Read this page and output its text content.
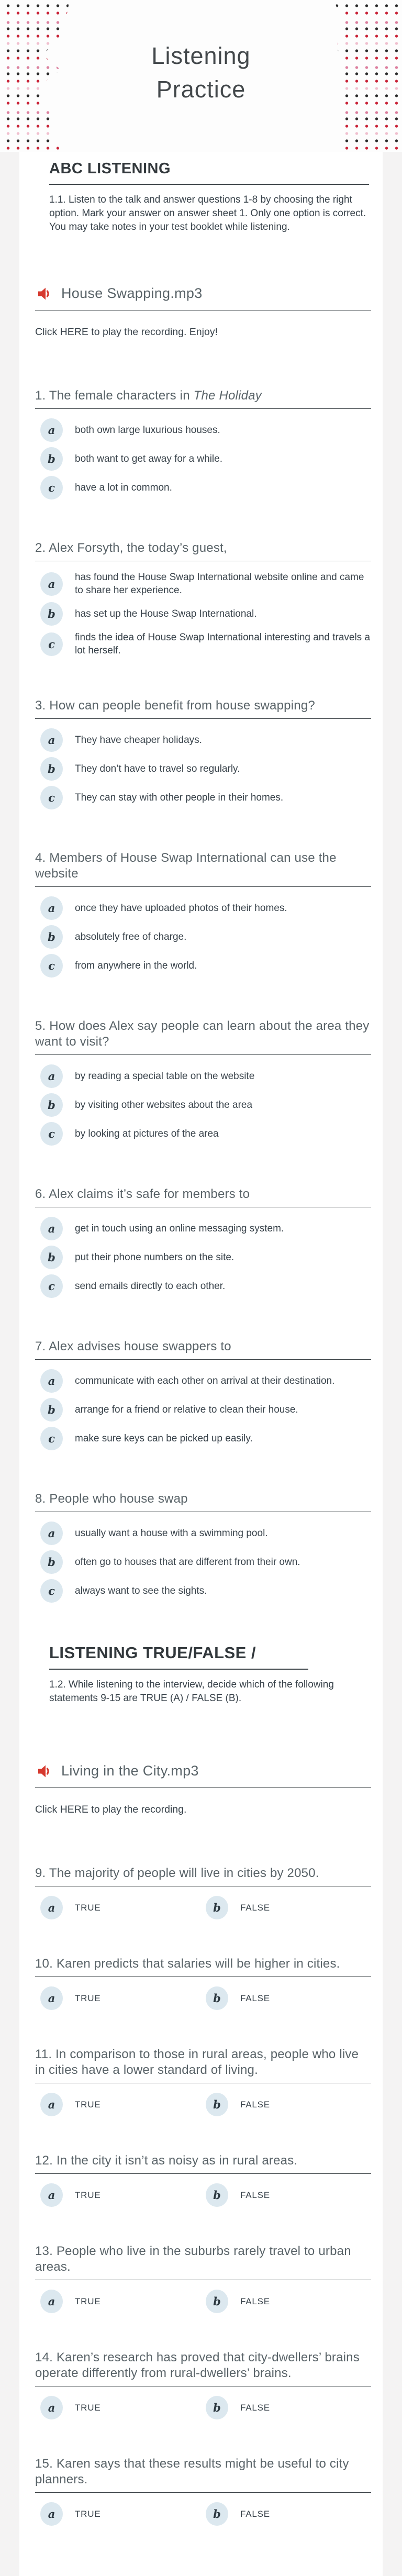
Listening
Practice
ABC LISTENING

1.1. Listen to the talk and answer questions 1-8 by choosing the right option. Mark your answer on answer sheet 1. Only one option is correct. You may take notes in your test booklet while listening.

House Swapping.mp3

Click HERE to play the recording. Enjoy!

1. The female characters in The Holiday
a	both own large luxurious houses.
b	both want to get away for a while.
c	have a lot in common.
2. Alex Forsyth, the today’s guest,
a	has found the House Swap International website online and came to share her experience.
b	has set up the House Swap International.
c	finds the idea of House Swap International interesting and travels a lot herself.
3. How can people benefit from house swapping?
a	They have cheaper holidays.
b	They don’t have to travel so regularly.
c	They can stay with other people in their homes.
4. Members of House Swap International can use the website
a	once they have uploaded photos of their homes.
b	absolutely free of charge.
c	from anywhere in the world.
5. How does Alex say people can learn about the area they want to visit?
a	by reading a special table on the website
b	by visiting other websites about the area
c	by looking at pictures of the area
6. Alex claims it’s safe for members to
a	get in touch using an online messaging system.
b	put their phone numbers on the site.
c	send emails directly to each other.
7. Alex advises house swappers to
a	communicate with each other on arrival at their destination.
b	arrange for a friend or relative to clean their house.
c	make sure keys can be picked up easily.
8. People who house swap
a	usually want a house with a swimming pool.
b	often go to houses that are different from their own.
c	always want to see the sights.
LISTENING TRUE/FALSE /

1.2. While listening to the interview, decide which of the following statements 9-15 are TRUE (A) / FALSE (B).

Living in the City.mp3

Click HERE to play the recording.

9. The majority of people will live in cities by 2050.
a	TRUE	b	FALSE
10. Karen predicts that salaries will be higher in cities.
a	TRUE	b	FALSE
11. In comparison to those in rural areas, people who live in cities have a lower standard of living.
a	TRUE	b	FALSE
12. In the city it isn’t as noisy as in rural areas.
a	TRUE	b	FALSE
13. People who live in the suburbs rarely travel to urban areas.
a	TRUE	b	FALSE
14. Karen’s research has proved that city-dwellers’ brains operate differently from rural-dwellers’ brains.
a	TRUE	b	FALSE
15. Karen says that these results might be useful to city planners.
a	TRUE	b	FALSE
